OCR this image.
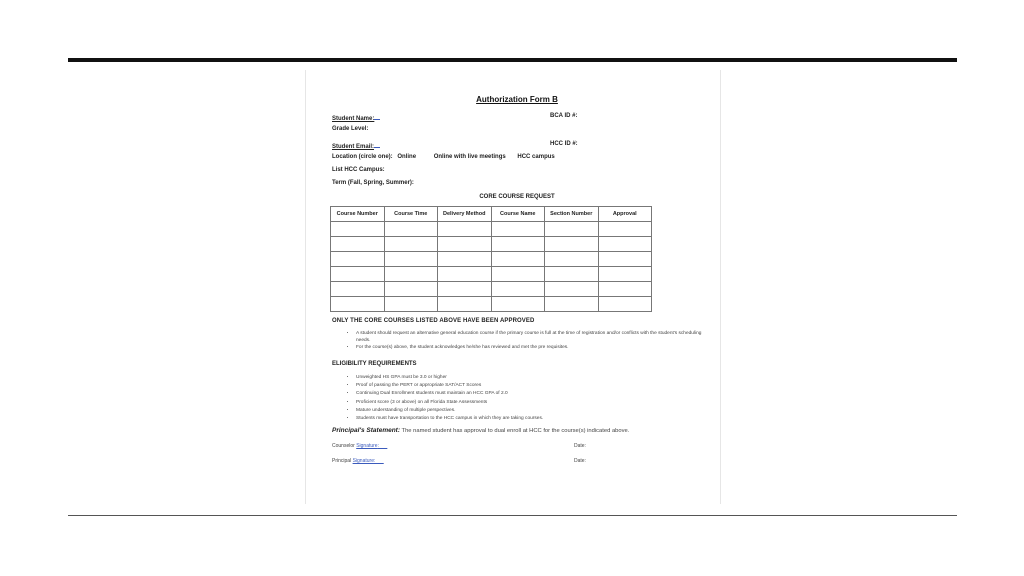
Authorization Form B
Student Name:	BCA ID #:
Grade Level:
Student Email:	HCC ID #:
Location (circle one): Online	Online with live meetings HCC campus
List HCC Campus:
Term (Fall, Spring, Summer):
CORE COURSE REQUEST
Course Number	Course Time	Delivery Method	Course Name	Section Number	Approval

ONLY THE CORE COURSES LISTED ABOVE HAVE BEEN APPROVED
• A student should request an alternative general education course if the primary course is full at the time of registration and/or conflicts with the student's scheduling needs.
• For the course(s) above, the student acknowledges he/she has reviewed and met the pre requisites.
ELIGIBILITY REQUIREMENTS
• Unweighted HS GPA must be 3.0 or higher
• Proof of passing the PERT or appropriate SAT/ACT Scores
• Continuing Dual Enrollment students must maintain an HCC GPA of 2.0
• Proficient score (3 or above) on all Florida State Assessments
• Mature understanding of multiple perspectives.
• Students must have transportation to the HCC campus in which they are taking courses.
Principal's Statement: The named student has approval to dual enroll at HCC for the course(s) indicated above.
Counselor Signature:	Date:
Principal Signature:	Date:
